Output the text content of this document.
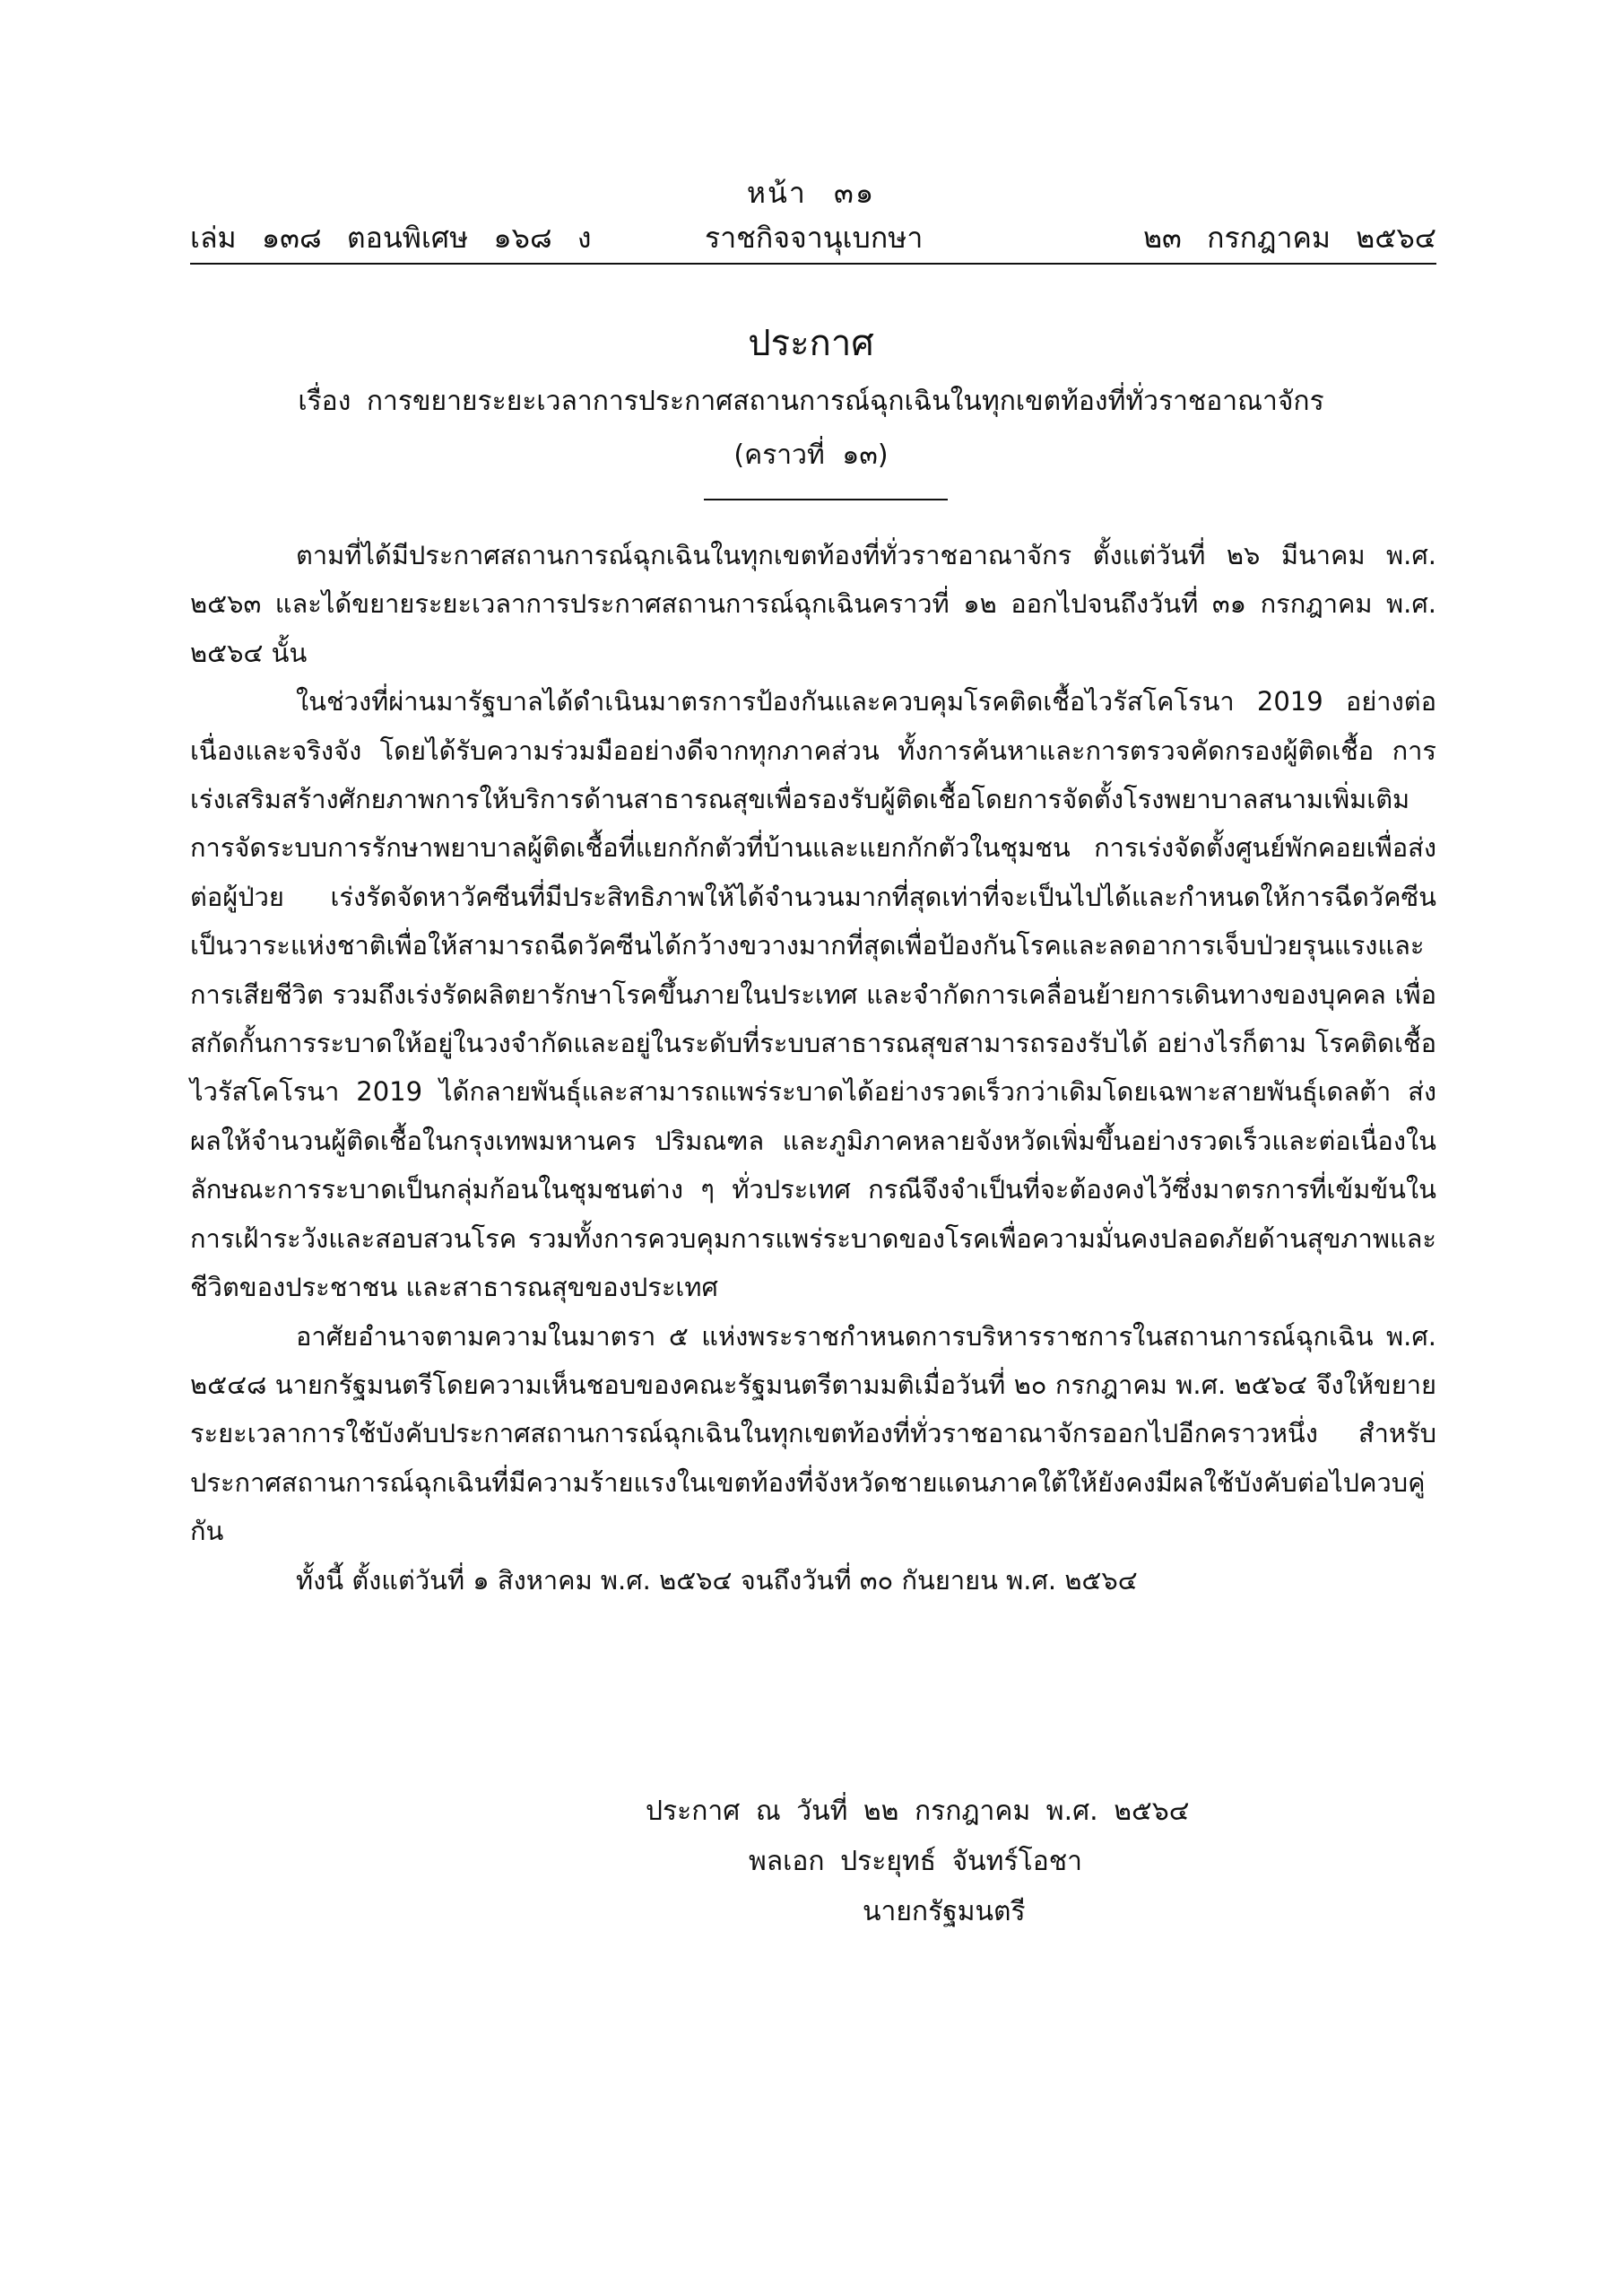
หน้า ๓๑
เล่ม ๑๓๘ ตอนพิเศษ ๑๖๘ ง	ราชกิจจานุเบกษา	๒๓ กรกฎาคม ๒๕๖๔
ประกาศ
เรื่อง การขยายระยะเวลาการประกาศสถานการณ์ฉุกเฉินในทุกเขตท้องที่ทั่วราชอาณาจักร
(คราวที่ ๑๓)

ตามที่ได้มีประกาศสถานการณ์ฉุกเฉินในทุกเขตท้องที่ทั่วราชอาณาจักร ตั้งแต่วันที่ ๒๖ มีนาคม พ.ศ. ๒๕๖๓ และได้ขยายระยะเวลาการประกาศสถานการณ์ฉุกเฉินคราวที่ ๑๒ ออกไปจนถึงวันที่ ๓๑ กรกฎาคม พ.ศ. ๒๕๖๔ นั้น

ในช่วงที่ผ่านมารัฐบาลได้ดำเนินมาตรการป้องกันและควบคุมโรคติดเชื้อไวรัสโคโรนา 2019 อย่างต่อเนื่องและจริงจัง โดยได้รับความร่วมมืออย่างดีจากทุกภาคส่วน ทั้งการค้นหาและการตรวจคัดกรองผู้ติดเชื้อ การเร่งเสริมสร้างศักยภาพการให้บริการด้านสาธารณสุขเพื่อรองรับผู้ติดเชื้อโดยการจัดตั้งโรงพยาบาลสนามเพิ่มเติม การจัดระบบการรักษาพยาบาลผู้ติดเชื้อที่แยกกักตัวที่บ้านและแยกกักตัวในชุมชน การเร่งจัดตั้งศูนย์พักคอยเพื่อส่งต่อผู้ป่วย เร่งรัดจัดหาวัคซีนที่มีประสิทธิภาพให้ได้จำนวนมากที่สุดเท่าที่จะเป็นไปได้และกำหนดให้การฉีดวัคซีนเป็นวาระแห่งชาติเพื่อให้สามารถฉีดวัคซีนได้กว้างขวางมากที่สุดเพื่อป้องกันโรคและลดอาการเจ็บป่วยรุนแรงและการเสียชีวิต รวมถึงเร่งรัดผลิตยารักษาโรคขึ้นภายในประเทศ และจำกัดการเคลื่อนย้ายการเดินทางของบุคคล เพื่อสกัดกั้นการระบาดให้อยู่ในวงจำกัดและอยู่ในระดับที่ระบบสาธารณสุขสามารถรองรับได้ อย่างไรก็ตาม โรคติดเชื้อไวรัสโคโรนา 2019 ได้กลายพันธุ์และสามารถแพร่ระบาดได้อย่างรวดเร็วกว่าเดิมโดยเฉพาะสายพันธุ์เดลต้า ส่งผลให้จำนวนผู้ติดเชื้อในกรุงเทพมหานคร ปริมณฑล และภูมิภาคหลายจังหวัดเพิ่มขึ้นอย่างรวดเร็วและต่อเนื่องในลักษณะการระบาดเป็นกลุ่มก้อนในชุมชนต่าง ๆ ทั่วประเทศ กรณีจึงจำเป็นที่จะต้องคงไว้ซึ่งมาตรการที่เข้มข้นในการเฝ้าระวังและสอบสวนโรค รวมทั้งการควบคุมการแพร่ระบาดของโรคเพื่อความมั่นคงปลอดภัยด้านสุขภาพและชีวิตของประชาชน และสาธารณสุขของประเทศ

อาศัยอำนาจตามความในมาตรา ๕ แห่งพระราชกำหนดการบริหารราชการในสถานการณ์ฉุกเฉิน พ.ศ. ๒๕๔๘ นายกรัฐมนตรีโดยความเห็นชอบของคณะรัฐมนตรีตามมติเมื่อวันที่ ๒๐ กรกฎาคม พ.ศ. ๒๕๖๔ จึงให้ขยายระยะเวลาการใช้บังคับประกาศสถานการณ์ฉุกเฉินในทุกเขตท้องที่ทั่วราชอาณาจักรออกไปอีกคราวหนึ่ง สำหรับประกาศสถานการณ์ฉุกเฉินที่มีความร้ายแรงในเขตท้องที่จังหวัดชายแดนภาคใต้ให้ยังคงมีผลใช้บังคับต่อไปควบคู่กัน

ทั้งนี้ ตั้งแต่วันที่ ๑ สิงหาคม พ.ศ. ๒๕๖๔ จนถึงวันที่ ๓๐ กันยายน พ.ศ. ๒๕๖๔

ประกาศ ณ วันที่ ๒๒ กรกฎาคม พ.ศ. ๒๕๖๔
พลเอก ประยุทธ์ จันทร์โอชา
นายกรัฐมนตรี
